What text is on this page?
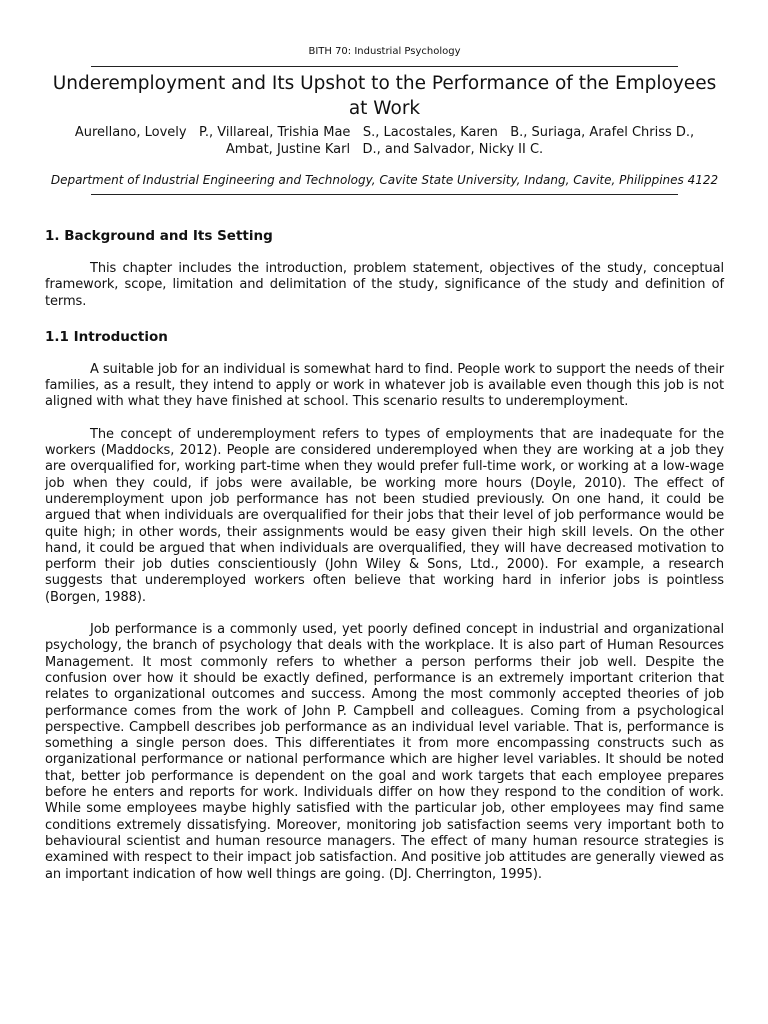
BITH 70: Industrial Psychology
Underemployment and Its Upshot to the Performance of the Employees at Work
Aurellano, Lovely   P., Villareal, Trishia Mae   S., Lacostales, Karen   B., Suriaga, Arafel Chriss D.,
Ambat, Justine Karl   D., and Salvador, Nicky II C.
Department of Industrial Engineering and Technology, Cavite State University, Indang, Cavite, Philippines 4122
1. Background and Its Setting

This chapter includes the introduction, problem statement, objectives of the study, conceptual framework, scope, limitation and delimitation of the study, significance of the study and definition of terms.

1.1 Introduction

A suitable job for an individual is somewhat hard to find. People work to support the needs of their families, as a result, they intend to apply or work in whatever job is available even though this job is not aligned with what they have finished at school. This scenario results to underemployment.

The concept of underemployment refers to types of employments that are inadequate for the workers (Maddocks, 2012). People are considered underemployed when they are working at a job they are overqualified for, working part-time when they would prefer full-time work, or working at a low-wage job when they could, if jobs were available, be working more hours (Doyle, 2010). The effect of underemployment upon job performance has not been studied previously. On one hand, it could be argued that when individuals are overqualified for their jobs that their level of job performance would be quite high; in other words, their assignments would be easy given their high skill levels. On the other hand, it could be argued that when individuals are overqualified, they will have decreased motivation to perform their job duties conscientiously (John Wiley & Sons, Ltd., 2000). For example, a research suggests that underemployed workers often believe that working hard in inferior jobs is pointless (Borgen, 1988).

Job performance is a commonly used, yet poorly defined concept in industrial and organizational psychology, the branch of psychology that deals with the workplace. It is also part of Human Resources Management. It most commonly refers to whether a person performs their job well. Despite the confusion over how it should be exactly defined, performance is an extremely important criterion that relates to organizational outcomes and success. Among the most commonly accepted theories of job performance comes from the work of John P. Campbell and colleagues. Coming from a psychological perspective. Campbell describes job performance as an individual level variable. That is, performance is something a single person does. This differentiates it from more encompassing constructs such as organizational performance or national performance which are higher level variables. It should be noted that, better job performance is dependent on the goal and work targets that each employee prepares before he enters and reports for work. Individuals differ on how they respond to the condition of work. While some employees maybe highly satisfied with the particular job, other employees may find same conditions extremely dissatisfying. Moreover, monitoring job satisfaction seems very important both to behavioural scientist and human resource managers. The effect of many human resource strategies is examined with respect to their impact job satisfaction. And positive job attitudes are generally viewed as an important indication of how well things are going. (DJ. Cherrington, 1995).
